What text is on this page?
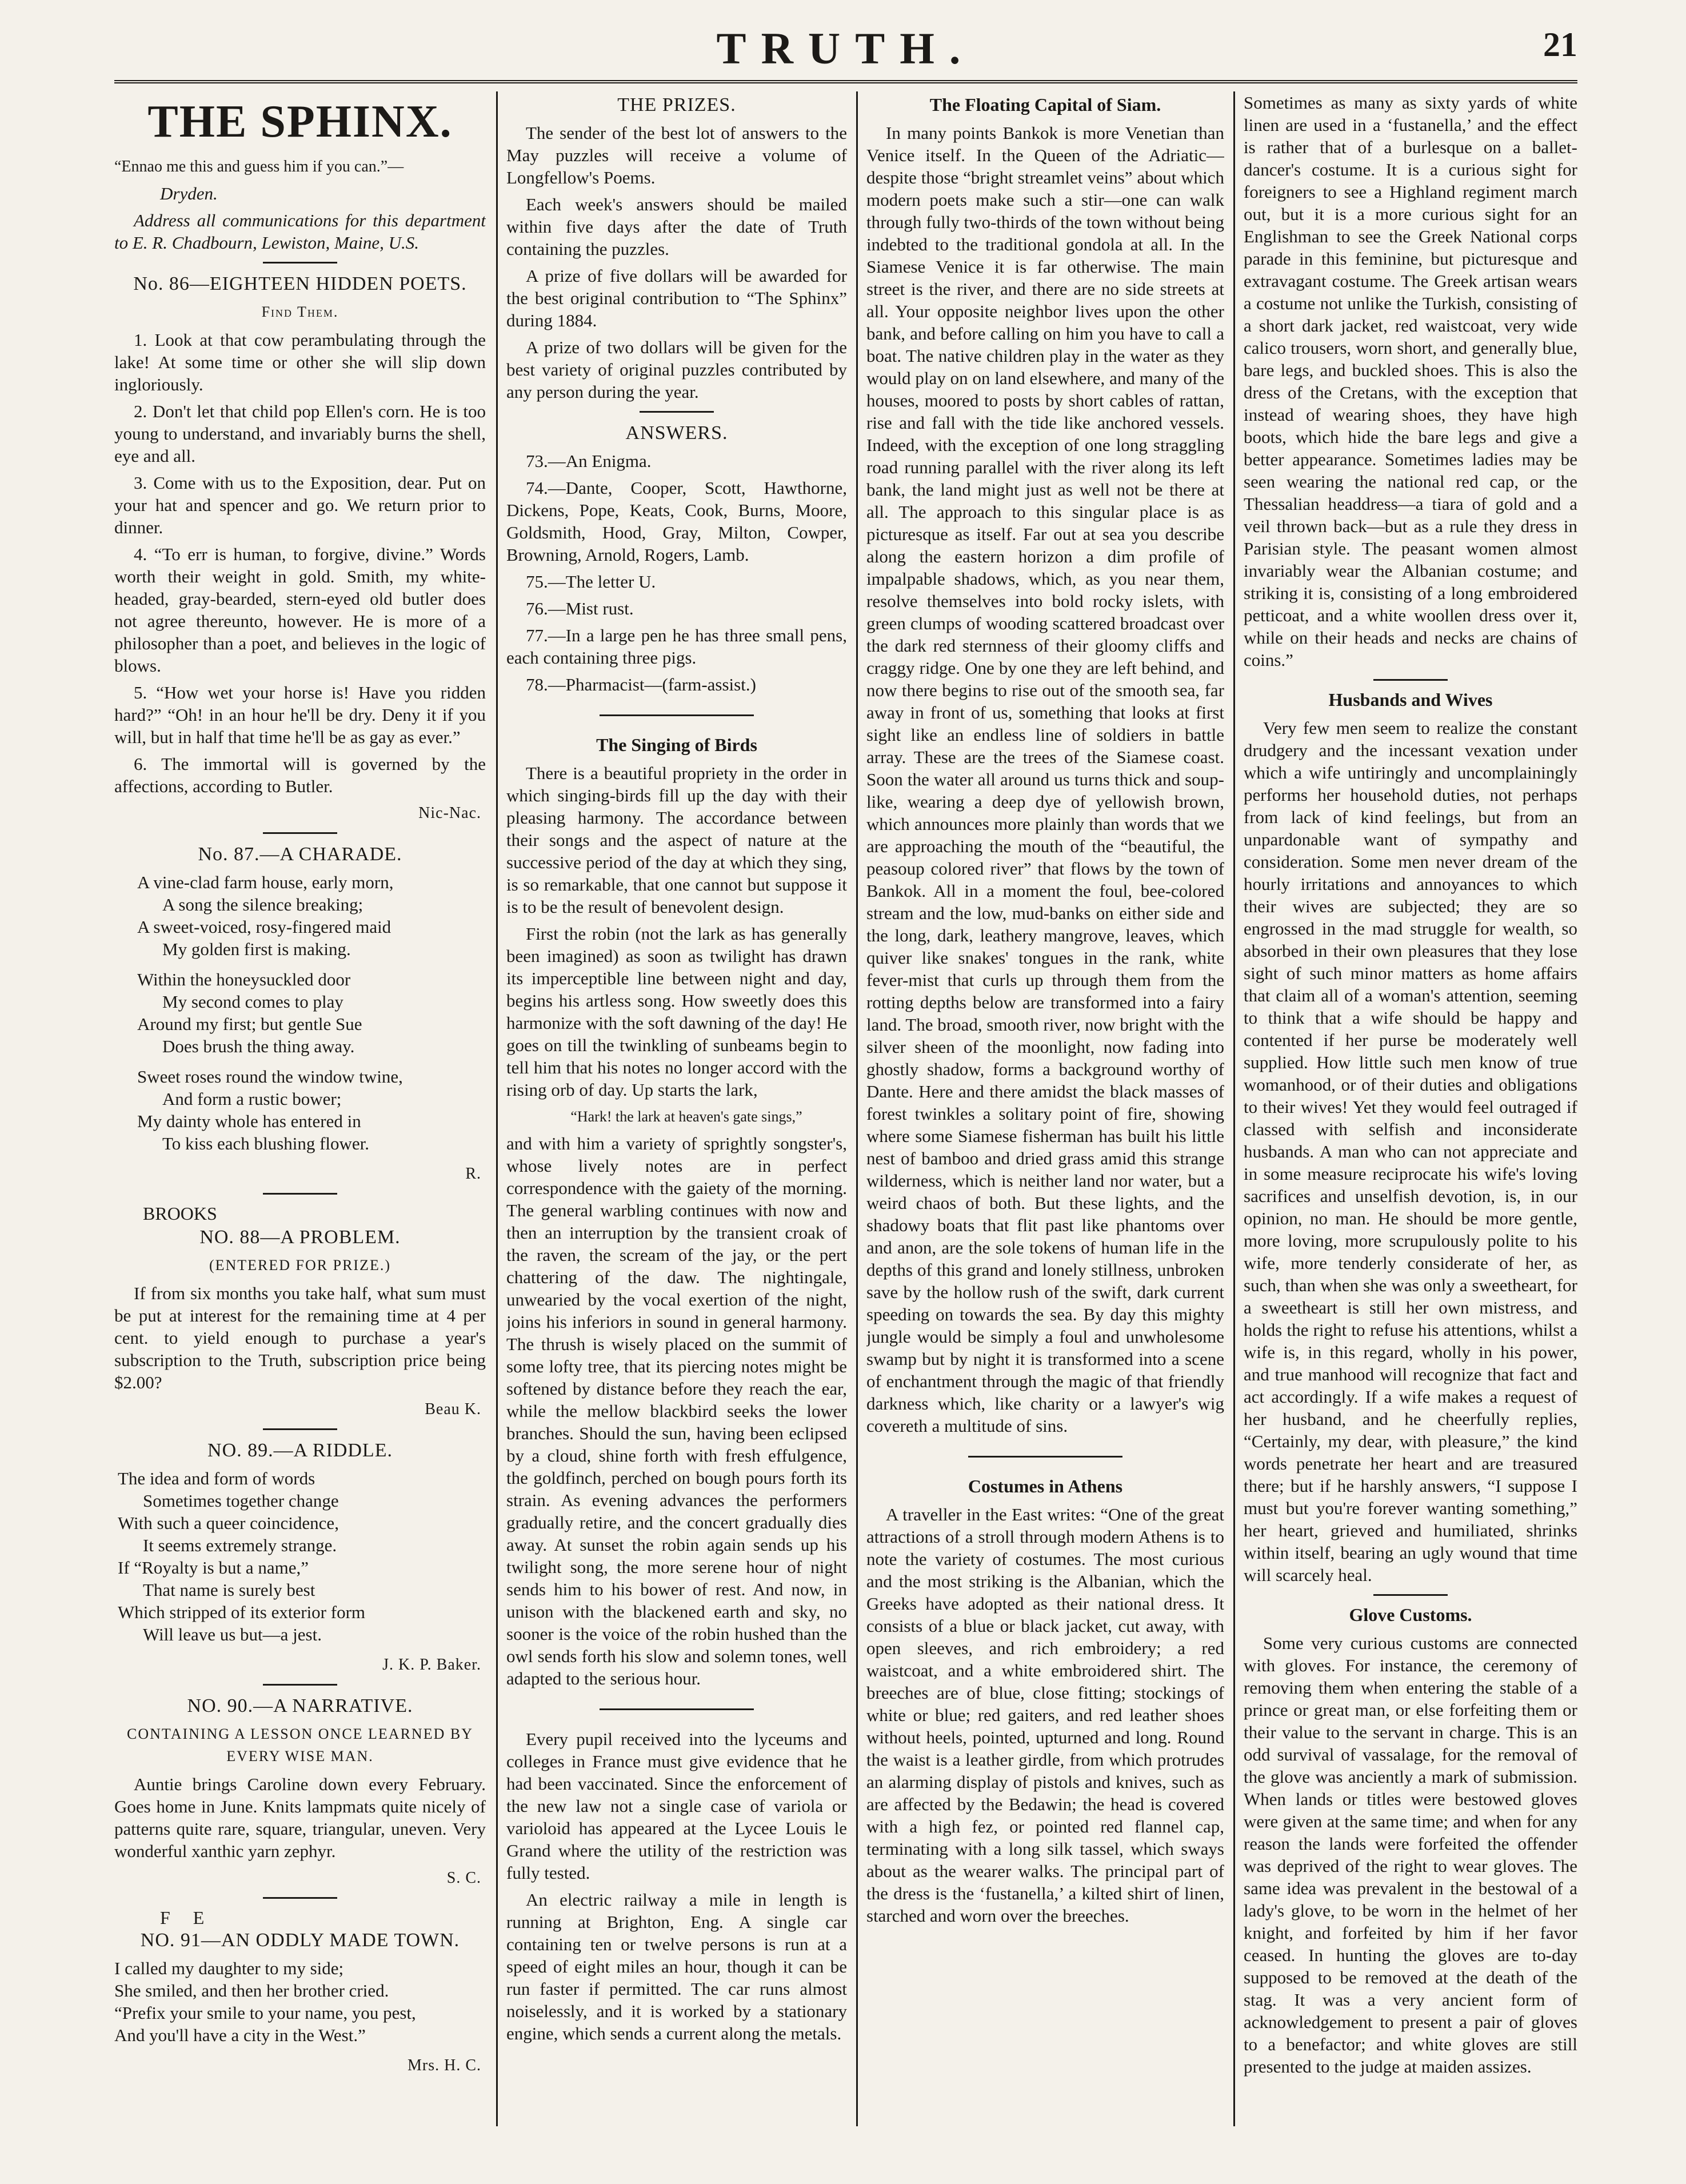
TRUTH.	21
THE SPHINX.

“Ennao me this and guess him if you can.”—

Dryden.

Address all communications for this department to E. R. Chadbourn, Lewiston, Maine, U.S.

No. 86—EIGHTEEN HIDDEN POETS.
Find Them.

1. Look at that cow perambulating through the lake! At some time or other she will slip down ingloriously.

2. Don't let that child pop Ellen's corn. He is too young to understand, and invariably burns the shell, eye and all.

3. Come with us to the Exposition, dear. Put on your hat and spencer and go. We return prior to dinner.

4. “To err is human, to forgive, divine.” Words worth their weight in gold. Smith, my white-headed, gray-bearded, stern-eyed old butler does not agree thereunto, however. He is more of a philosopher than a poet, and believes in the logic of blows.

5. “How wet your horse is! Have you ridden hard?” “Oh! in an hour he'll be dry. Deny it if you will, but in half that time he'll be as gay as ever.”

6. The immortal will is governed by the affections, according to Butler.

Nic-Nac.
No. 87.—A CHARADE.
A vine-clad farm house, early morn,
A song the silence breaking;
A sweet-voiced, rosy-fingered maid
My golden first is making.
Within the honeysuckled door
My second comes to play
Around my first; but gentle Sue
Does brush the thing away.
Sweet roses round the window twine,
And form a rustic bower;
My dainty whole has entered in
To kiss each blushing flower.
R.
BROOKS
NO. 88—A PROBLEM.
(ENTERED FOR PRIZE.)

If from six months you take half, what sum must be put at interest for the remaining time at 4 per cent. to yield enough to purchase a year's subscription to the Truth, subscription price being $2.00?

Beau K.
NO. 89.—A RIDDLE.
The idea and form of words
Sometimes together change
With such a queer coincidence,
It seems extremely strange.
If “Royalty is but a name,”
That name is surely best
Which stripped of its exterior form
Will leave us but—a jest.
J. K. P. Baker.
NO. 90.—A NARRATIVE.
CONTAINING A LESSON ONCE LEARNED BY EVERY WISE MAN.

Auntie brings Caroline down every February. Goes home in June. Knits lampmats quite nicely of patterns quite rare, square, triangular, uneven. Very wonderful xanthic yarn zephyr.

S. C.
F     E
NO. 91—AN ODDLY MADE TOWN.
I called my daughter to my side;
She smiled, and then her brother cried.
“Prefix your smile to your name, you pest,
And you'll have a city in the West.”
Mrs. H. C.
THE PRIZES.

The sender of the best lot of answers to the May puzzles will receive a volume of Longfellow's Poems.

Each week's answers should be mailed within five days after the date of Truth containing the puzzles.

A prize of five dollars will be awarded for the best original contribution to “The Sphinx” during 1884.

A prize of two dollars will be given for the best variety of original puzzles contributed by any person during the year.

ANSWERS.

73.—An Enigma.

74.—Dante, Cooper, Scott, Hawthorne, Dickens, Pope, Keats, Cook, Burns, Moore, Goldsmith, Hood, Gray, Milton, Cowper, Browning, Arnold, Rogers, Lamb.

75.—The letter U.

76.—Mist rust.

77.—In a large pen he has three small pens, each containing three pigs.

78.—Pharmacist—(farm-assist.)

The Singing of Birds

There is a beautiful propriety in the order in which singing-birds fill up the day with their pleasing harmony. The accordance between their songs and the aspect of nature at the successive period of the day at which they sing, is so remarkable, that one cannot but suppose it is to be the result of benevolent design.

First the robin (not the lark as has generally been imagined) as soon as twilight has drawn its imperceptible line between night and day, begins his artless song. How sweetly does this harmonize with the soft dawning of the day! He goes on till the twinkling of sunbeams begin to tell him that his notes no longer accord with the rising orb of day. Up starts the lark,

“Hark! the lark at heaven's gate sings,”

and with him a variety of sprightly songster's, whose lively notes are in perfect correspondence with the gaiety of the morning. The general warbling continues with now and then an interruption by the transient croak of the raven, the scream of the jay, or the pert chattering of the daw. The nightingale, unwearied by the vocal exertion of the night, joins his inferiors in sound in general harmony. The thrush is wisely placed on the summit of some lofty tree, that its piercing notes might be softened by distance before they reach the ear, while the mellow blackbird seeks the lower branches. Should the sun, having been eclipsed by a cloud, shine forth with fresh effulgence, the goldfinch, perched on bough pours forth its strain. As evening advances the performers gradually retire, and the concert gradually dies away. At sunset the robin again sends up his twilight song, the more serene hour of night sends him to his bower of rest. And now, in unison with the blackened earth and sky, no sooner is the voice of the robin hushed than the owl sends forth his slow and solemn tones, well adapted to the serious hour.

Every pupil received into the lyceums and colleges in France must give evidence that he had been vaccinated. Since the enforcement of the new law not a single case of variola or varioloid has appeared at the Lycee Louis le Grand where the utility of the restriction was fully tested.

An electric railway a mile in length is running at Brighton, Eng. A single car containing ten or twelve persons is run at a speed of eight miles an hour, though it can be run faster if permitted. The car runs almost noiselessly, and it is worked by a stationary engine, which sends a current along the metals.

The Floating Capital of Siam.

In many points Bankok is more Venetian than Venice itself. In the Queen of the Adriatic—despite those “bright streamlet veins” about which modern poets make such a stir—one can walk through fully two-thirds of the town without being indebted to the traditional gondola at all. In the Siamese Venice it is far otherwise. The main street is the river, and there are no side streets at all. Your opposite neighbor lives upon the other bank, and before calling on him you have to call a boat. The native children play in the water as they would play on on land elsewhere, and many of the houses, moored to posts by short cables of rattan, rise and fall with the tide like anchored vessels. Indeed, with the exception of one long straggling road running parallel with the river along its left bank, the land might just as well not be there at all. The approach to this singular place is as picturesque as itself. Far out at sea you describe along the eastern horizon a dim profile of impalpable shadows, which, as you near them, resolve themselves into bold rocky islets, with green clumps of wooding scattered broadcast over the dark red sternness of their gloomy cliffs and craggy ridge. One by one they are left behind, and now there begins to rise out of the smooth sea, far away in front of us, something that looks at first sight like an endless line of soldiers in battle array. These are the trees of the Siamese coast. Soon the water all around us turns thick and soup-like, wearing a deep dye of yellowish brown, which announces more plainly than words that we are approaching the mouth of the “beautiful, the peasoup colored river” that flows by the town of Bankok. All in a moment the foul, bee-colored stream and the low, mud-banks on either side and the long, dark, leathery mangrove, leaves, which quiver like snakes' tongues in the rank, white fever-mist that curls up through them from the rotting depths below are transformed into a fairy land. The broad, smooth river, now bright with the silver sheen of the moonlight, now fading into ghostly shadow, forms a background worthy of Dante. Here and there amidst the black masses of forest twinkles a solitary point of fire, showing where some Siamese fisherman has built his little nest of bamboo and dried grass amid this strange wilderness, which is neither land nor water, but a weird chaos of both. But these lights, and the shadowy boats that flit past like phantoms over and anon, are the sole tokens of human life in the depths of this grand and lonely stillness, unbroken save by the hollow rush of the swift, dark current speeding on towards the sea. By day this mighty jungle would be simply a foul and unwholesome swamp but by night it is transformed into a scene of enchantment through the magic of that friendly darkness which, like charity or a lawyer's wig covereth a multitude of sins.

Costumes in Athens

A traveller in the East writes: “One of the great attractions of a stroll through modern Athens is to note the variety of costumes. The most curious and the most striking is the Albanian, which the Greeks have adopted as their national dress. It consists of a blue or black jacket, cut away, with open sleeves, and rich embroidery; a red waistcoat, and a white embroidered shirt. The breeches are of blue, close fitting; stockings of white or blue; red gaiters, and red leather shoes without heels, pointed, upturned and long. Round the waist is a leather girdle, from which protrudes an alarming display of pistols and knives, such as are affected by the Bedawin; the head is covered with a high fez, or pointed red flannel cap, terminating with a long silk tassel, which sways about as the wearer walks. The principal part of the dress is the ‘fustanella,’ a kilted shirt of linen, starched and worn over the breeches.

Sometimes as many as sixty yards of white linen are used in a ‘fustanella,’ and the effect is rather that of a burlesque on a ballet-dancer's costume. It is a curious sight for foreigners to see a Highland regiment march out, but it is a more curious sight for an Englishman to see the Greek National corps parade in this feminine, but picturesque and extravagant costume. The Greek artisan wears a costume not unlike the Turkish, consisting of a short dark jacket, red waistcoat, very wide calico trousers, worn short, and generally blue, bare legs, and buckled shoes. This is also the dress of the Cretans, with the exception that instead of wearing shoes, they have high boots, which hide the bare legs and give a better appearance. Sometimes ladies may be seen wearing the national red cap, or the Thessalian headdress—a tiara of gold and a veil thrown back—but as a rule they dress in Parisian style. The peasant women almost invariably wear the Albanian costume; and striking it is, consisting of a long embroidered petticoat, and a white woollen dress over it, while on their heads and necks are chains of coins.”

Husbands and Wives

Very few men seem to realize the constant drudgery and the incessant vexation under which a wife untiringly and uncomplainingly performs her household duties, not perhaps from lack of kind feelings, but from an unpardonable want of sympathy and consideration. Some men never dream of the hourly irritations and annoyances to which their wives are subjected; they are so engrossed in the mad struggle for wealth, so absorbed in their own pleasures that they lose sight of such minor matters as home affairs that claim all of a woman's attention, seeming to think that a wife should be happy and contented if her purse be moderately well supplied. How little such men know of true womanhood, or of their duties and obligations to their wives! Yet they would feel outraged if classed with selfish and inconsiderate husbands. A man who can not appreciate and in some measure reciprocate his wife's loving sacrifices and unselfish devotion, is, in our opinion, no man. He should be more gentle, more loving, more scrupulously polite to his wife, more tenderly considerate of her, as such, than when she was only a sweetheart, for a sweetheart is still her own mistress, and holds the right to refuse his attentions, whilst a wife is, in this regard, wholly in his power, and true manhood will recognize that fact and act accordingly. If a wife makes a request of her husband, and he cheerfully replies, “Certainly, my dear, with pleasure,” the kind words penetrate her heart and are treasured there; but if he harshly answers, “I suppose I must but you're forever wanting something,” her heart, grieved and humiliated, shrinks within itself, bearing an ugly wound that time will scarcely heal.

Glove Customs.

Some very curious customs are connected with gloves. For instance, the ceremony of removing them when entering the stable of a prince or great man, or else forfeiting them or their value to the servant in charge. This is an odd survival of vassalage, for the removal of the glove was anciently a mark of submission. When lands or titles were bestowed gloves were given at the same time; and when for any reason the lands were forfeited the offender was deprived of the right to wear gloves. The same idea was prevalent in the bestowal of a lady's glove, to be worn in the helmet of her knight, and forfeited by him if her favor ceased. In hunting the gloves are to-day supposed to be removed at the death of the stag. It was a very ancient form of acknowledgement to present a pair of gloves to a benefactor; and white gloves are still presented to the judge at maiden assizes.
